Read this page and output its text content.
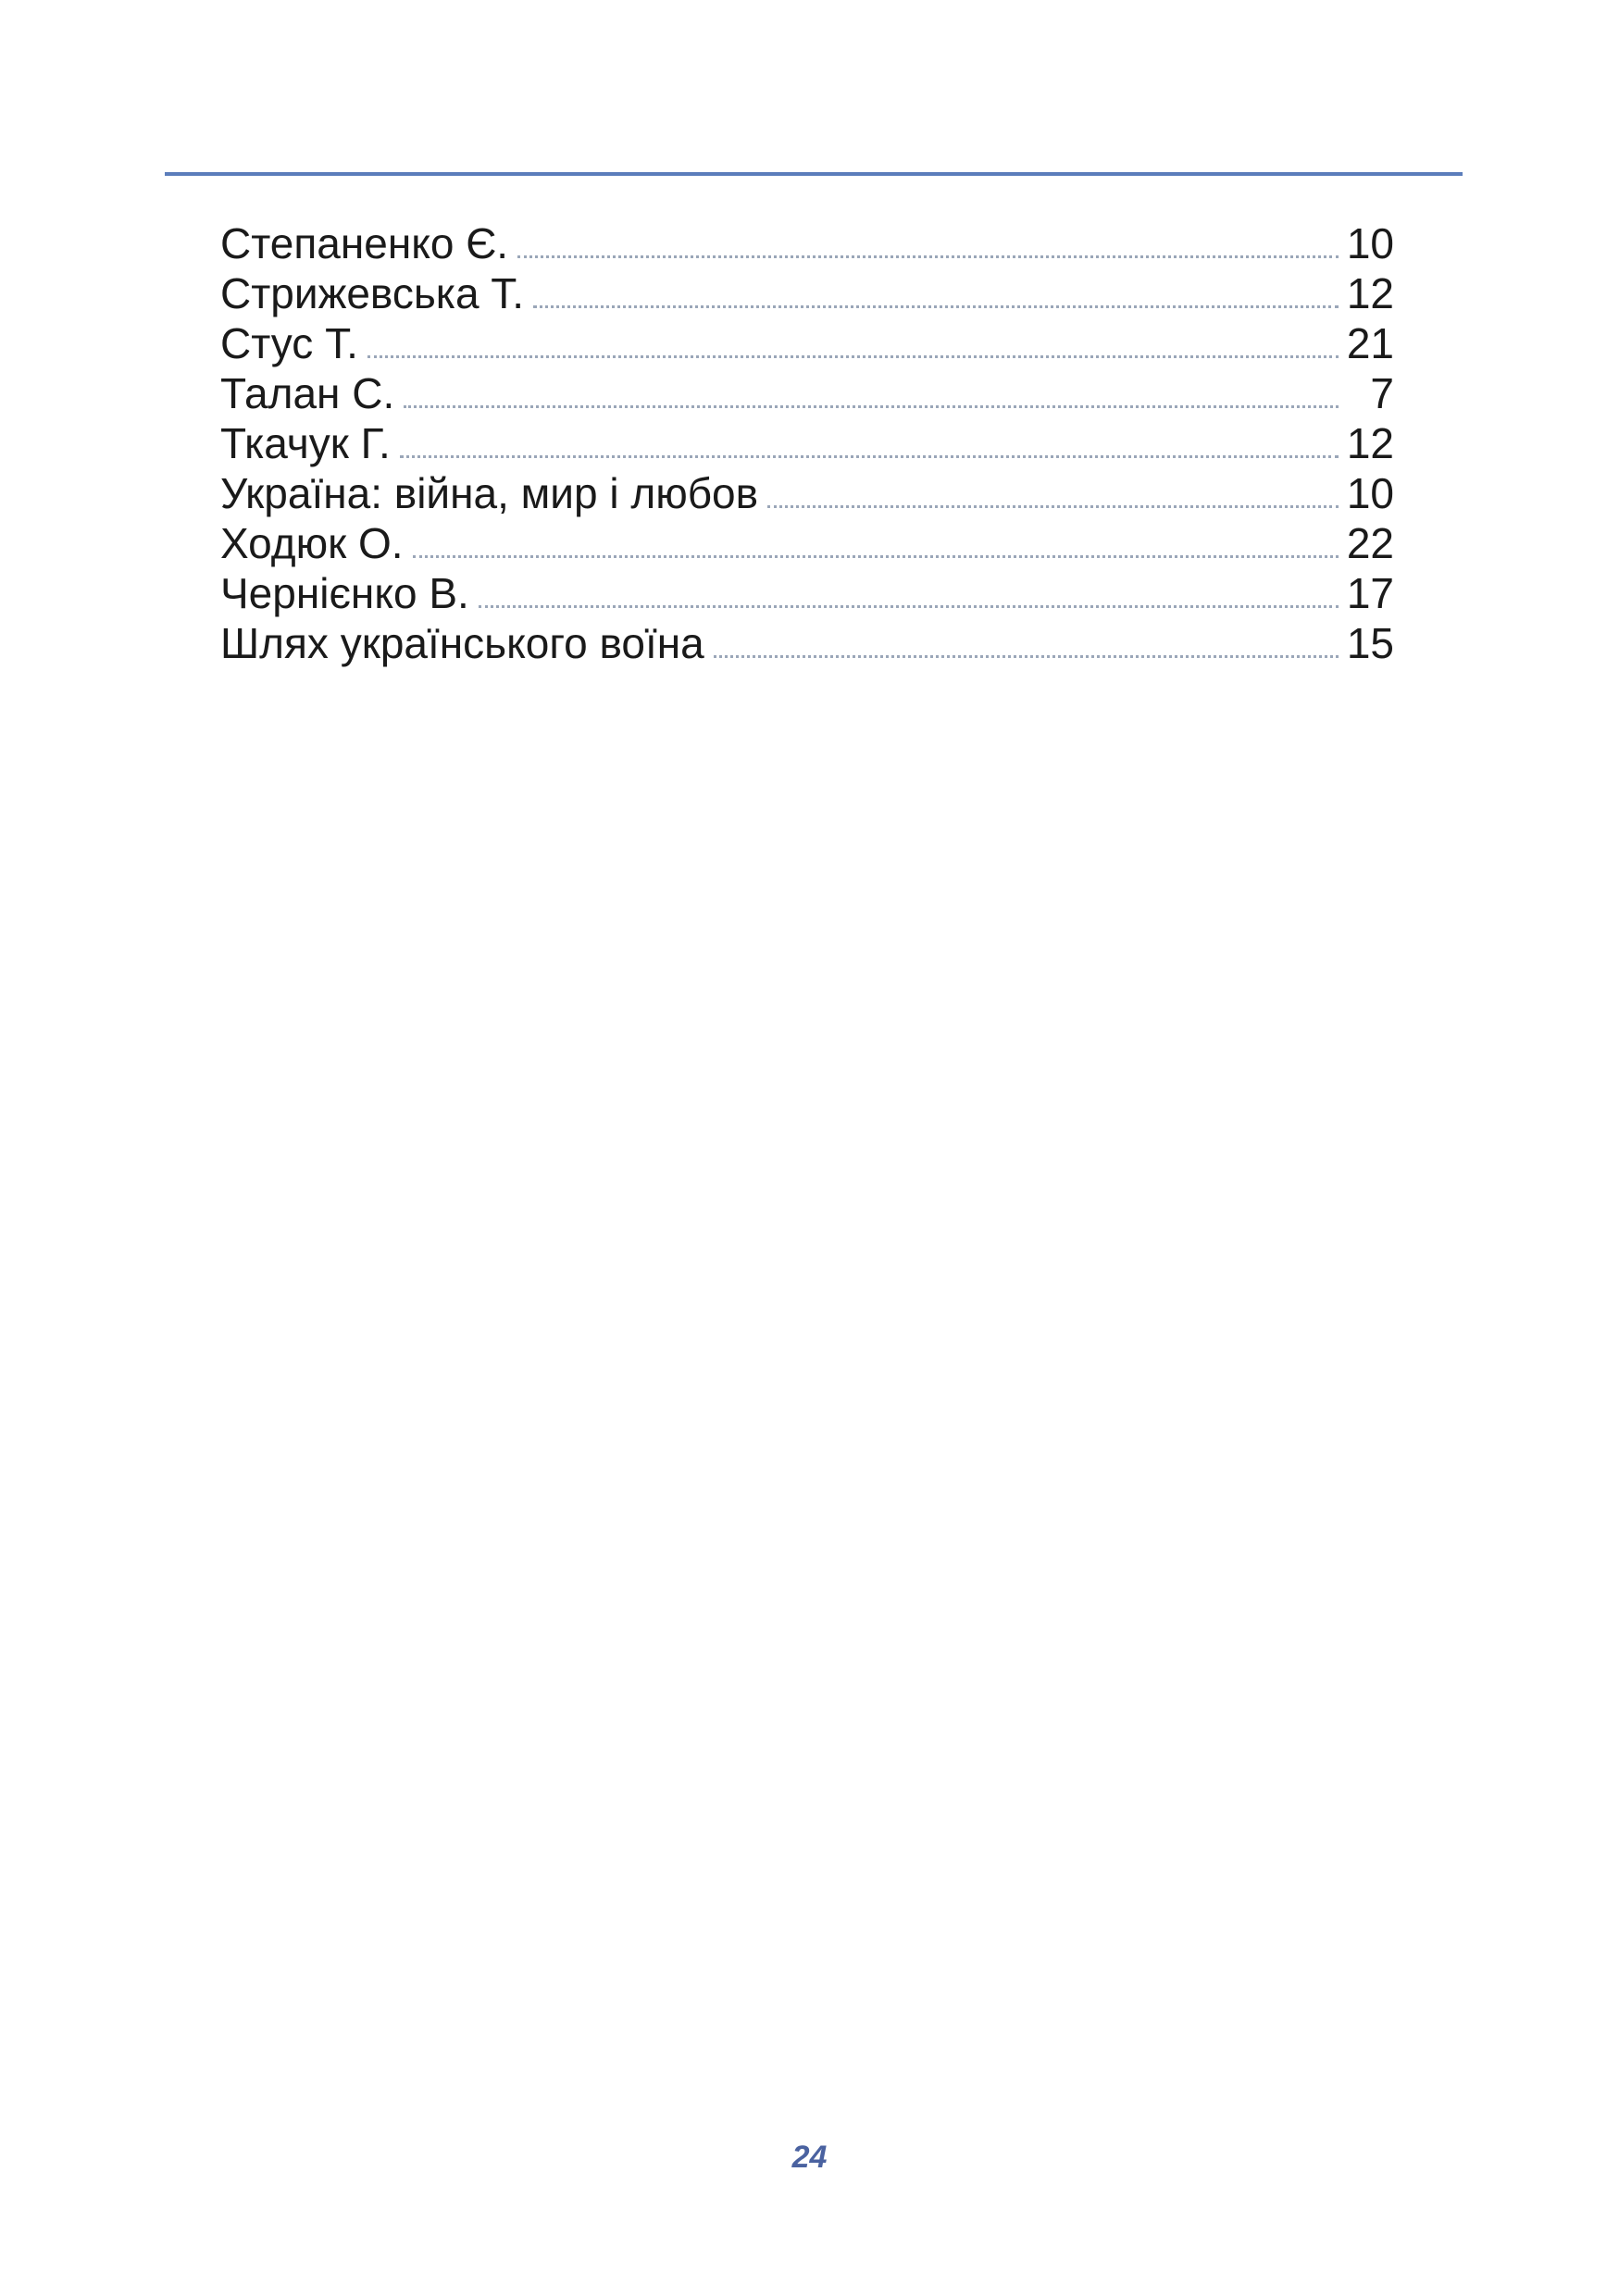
Степаненко Є.	10
Стрижевська Т.	12
Стус Т.	21
Талан С.	7
Ткачук Г.	12
Україна: війна, мир і любов	10
Ходюк О.	22
Чернієнко В.	17
Шлях українського воїна	15
24
